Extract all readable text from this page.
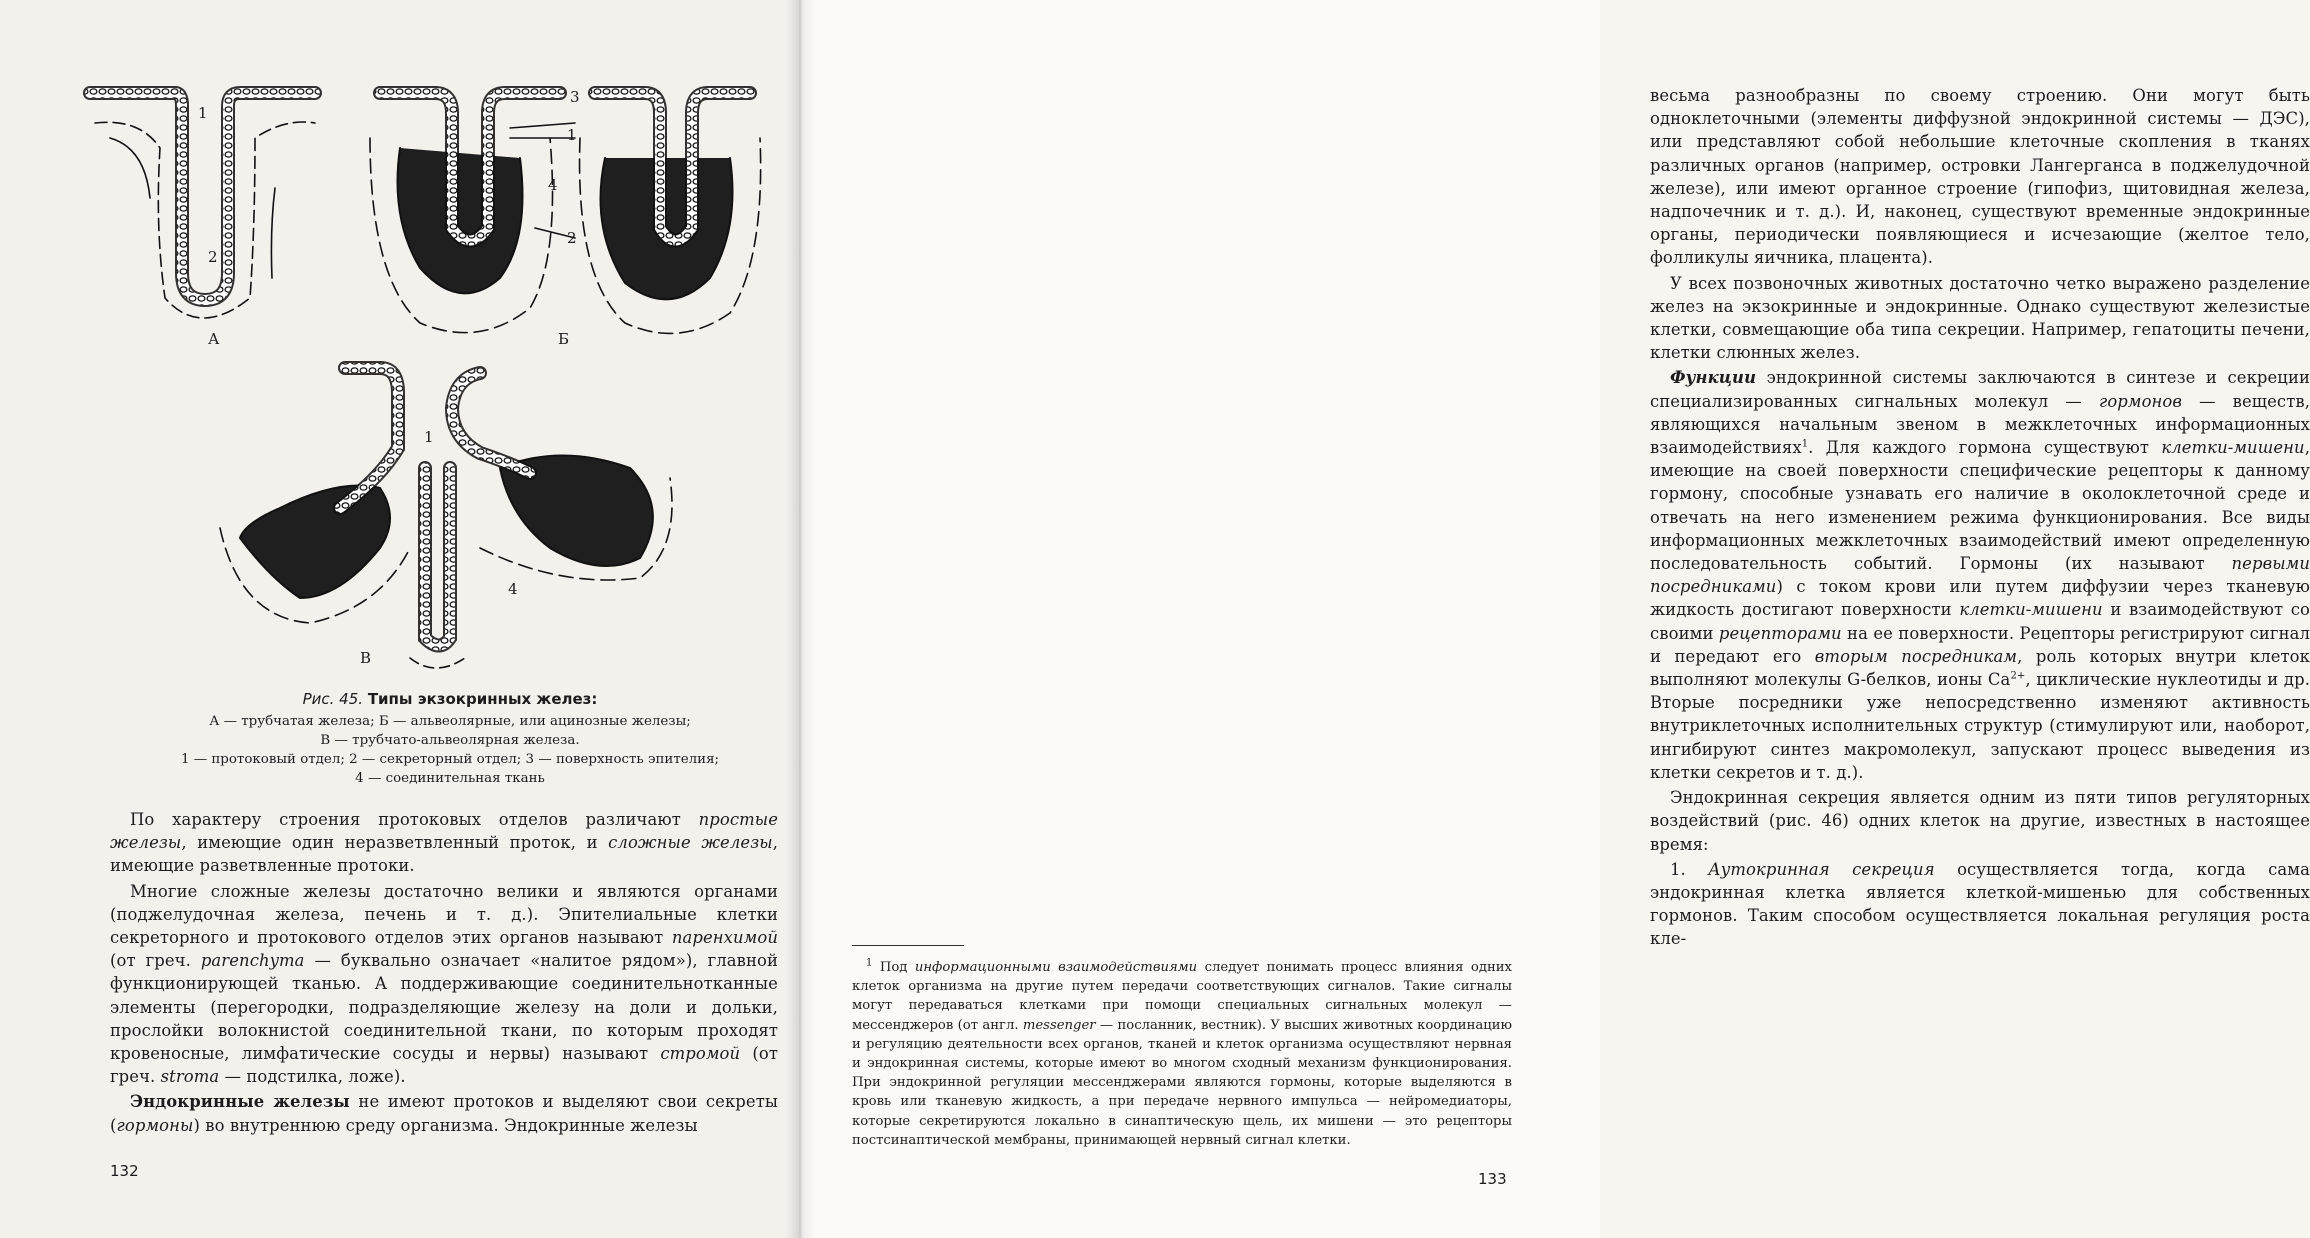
1
2
А
3
1
4
2
Б
1
4
В
Рис. 45. Типы экзокринных желез:
А — трубчатая железа; Б — альвеолярные, или ацинозные железы;
В — трубчато-альвеолярная железа.
1 — протоковый отдел; 2 — секреторный отдел; 3 — поверхность эпителия;
4 — соединительная ткань

По характеру строения протоковых отделов различают простые железы, имеющие один неразветвленный проток, и сложные железы, имеющие разветвленные протоки.

Многие сложные железы достаточно велики и являются органами (поджелудочная железа, печень и т. д.). Эпителиальные клетки секреторного и протокового отделов этих органов называют паренхимой (от греч. parenchyma — буквально означает «налитое рядом»), главной функционирующей тканью. А поддерживающие соединительнотканные элементы (перегородки, подразделяющие железу на доли и дольки, прослойки волокнистой соединительной ткани, по которым проходят кровеносные, лимфатические сосуды и нервы) называют стромой (от греч. stroma — подстилка, ложе).

Эндокринные железы не имеют протоков и выделяют свои секреты (гормоны) во внутреннюю среду организма. Эндокринные железы

132

весьма разнообразны по своему строению. Они могут быть одноклеточными (элементы диффузной эндокринной системы — ДЭС), или представляют собой небольшие клеточные скопления в тканях различных органов (например, островки Лангерганса в поджелудочной железе), или имеют органное строение (гипофиз, щитовидная железа, надпочечник и т. д.). И, наконец, существуют временные эндокринные органы, периодически появляющиеся и исчезающие (желтое тело, фолликулы яичника, плацента).

У всех позвоночных животных достаточно четко выражено разделение желез на экзокринные и эндокринные. Однако существуют железистые клетки, совмещающие оба типа секреции. Например, гепатоциты печени, клетки слюнных желез.

Функции эндокринной системы заключаются в синтезе и секреции специализированных сигнальных молекул — гормонов — веществ, являющихся начальным звеном в межклеточных информационных взаимодействиях$^1$. Для каждого гормона существуют клетки-мишени, имеющие на своей поверхности специфические рецепторы к данному гормону, способные узнавать его наличие в околоклеточной среде и отвечать на него изменением режима функционирования. Все виды информационных межклеточных взаимодействий имеют определенную последовательность событий. Гормоны (их называют первыми посредниками) с током крови или путем диффузии через тканевую жидкость достигают поверхности клетки-мишени и взаимодействуют со своими рецепторами на ее поверхности. Рецепторы регистрируют сигнал и передают его вторым посредникам, роль которых внутри клеток выполняют молекулы G-белков, ионы $Ca^{2+}$, циклические нуклеотиды и др. Вторые посредники уже непосредственно изменяют активность внутриклеточных исполнительных структур (стимулируют или, наоборот, ингибируют синтез макромолекул, запускают процесс выведения из клетки секретов и т. д.).

Эндокринная секреция является одним из пяти типов регуляторных воздействий (рис. 46) одних клеток на другие, известных в настоящее время:

1. Аутокринная секреция осуществляется тогда, когда сама эндокринная клетка является клеткой-мишенью для собственных гормонов. Таким способом осуществляется локальная регуляция роста кле-

$^1$ Под информационными взаимодействиями следует понимать процесс влияния одних клеток организма на другие путем передачи соответствующих сигналов. Такие сигналы могут передаваться клетками при помощи специальных сигнальных молекул — мессенджеров (от англ. messenger — посланник, вестник). У высших животных координацию и регуляцию деятельности всех органов, тканей и клеток организма осуществляют нервная и эндокринная системы, которые имеют во многом сходный механизм функционирования. При эндокринной регуляции мессенджерами являются гормоны, которые выделяются в кровь или тканевую жидкость, а при передаче нервного импульса — нейромедиаторы, которые секретируются локально в синаптическую щель, их мишени — это рецепторы постсинаптической мембраны, принимающей нервный сигнал клетки.
133
